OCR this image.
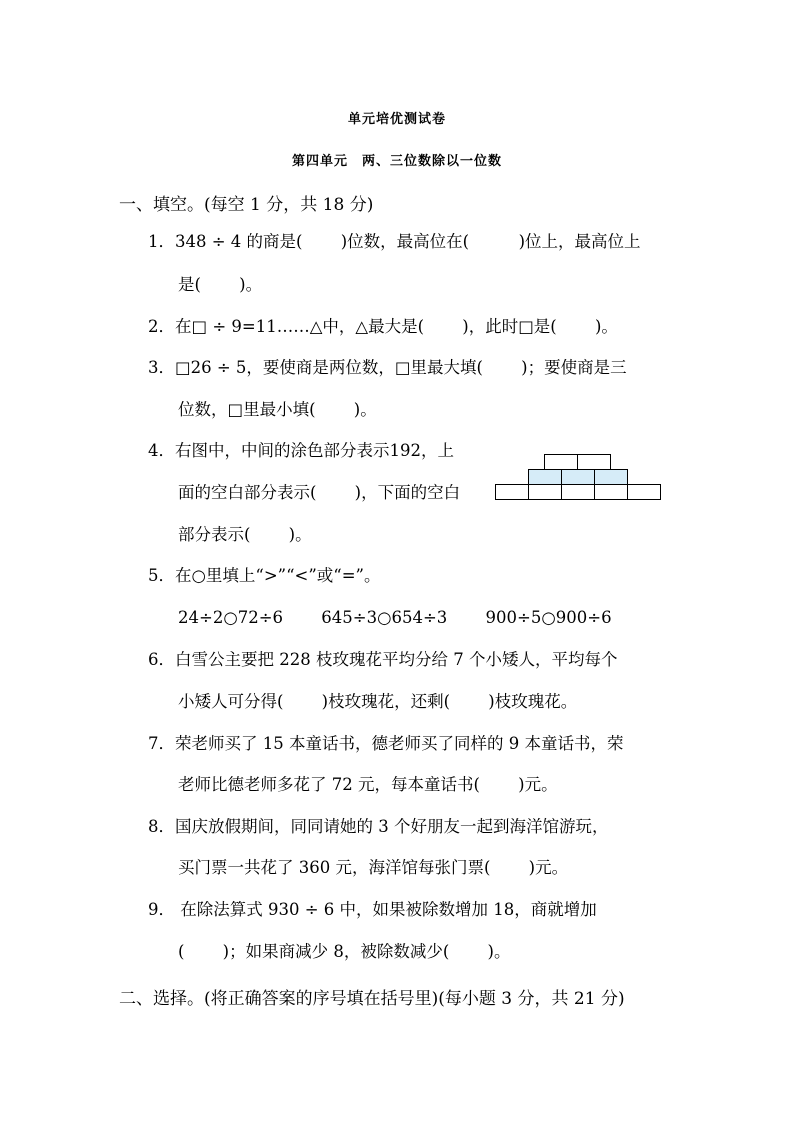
单元培优测试卷
第四单元　两、三位数除以一位数
一、填空。(每空 1 分，共 18 分)
1．348 ÷ 4 的商是(　　 )位数，最高位在(　　　)位上，最高位上
是(　　 )。
2．在□ ÷ 9=11……△中，△最大是(　　 )，此时□是(　　 )。
3．□26 ÷ 5，要使商是两位数，□里最大填(　　 )；要使商是三
位数，□里最小填(　　 )。
4．右图中，中间的涂色部分表示192，上
面的空白部分表示(　　 )，下面的空白
部分表示(　　 )。
5．在○里填上“>”“<”或“=”。
24÷2○72÷6　　 645÷3○654÷3　　 900÷5○900÷6
6．白雪公主要把 228 枝玫瑰花平均分给 7 个小矮人，平均每个
小矮人可分得(　　 )枝玫瑰花，还剩(　　 )枝玫瑰花。
7．荣老师买了 15 本童话书，德老师买了同样的 9 本童话书，荣
老师比德老师多花了 72 元，每本童话书(　　 )元。
8．国庆放假期间，同同请她的 3 个好朋友一起到海洋馆游玩，
买门票一共花了 360 元，海洋馆每张门票(　　 )元。
9． 在除法算式 930 ÷ 6 中，如果被除数增加 18，商就增加
(　　 )；如果商减少 8，被除数减少(　　 )。
二、选择。(将正确答案的序号填在括号里)(每小题 3 分，共 21 分)
